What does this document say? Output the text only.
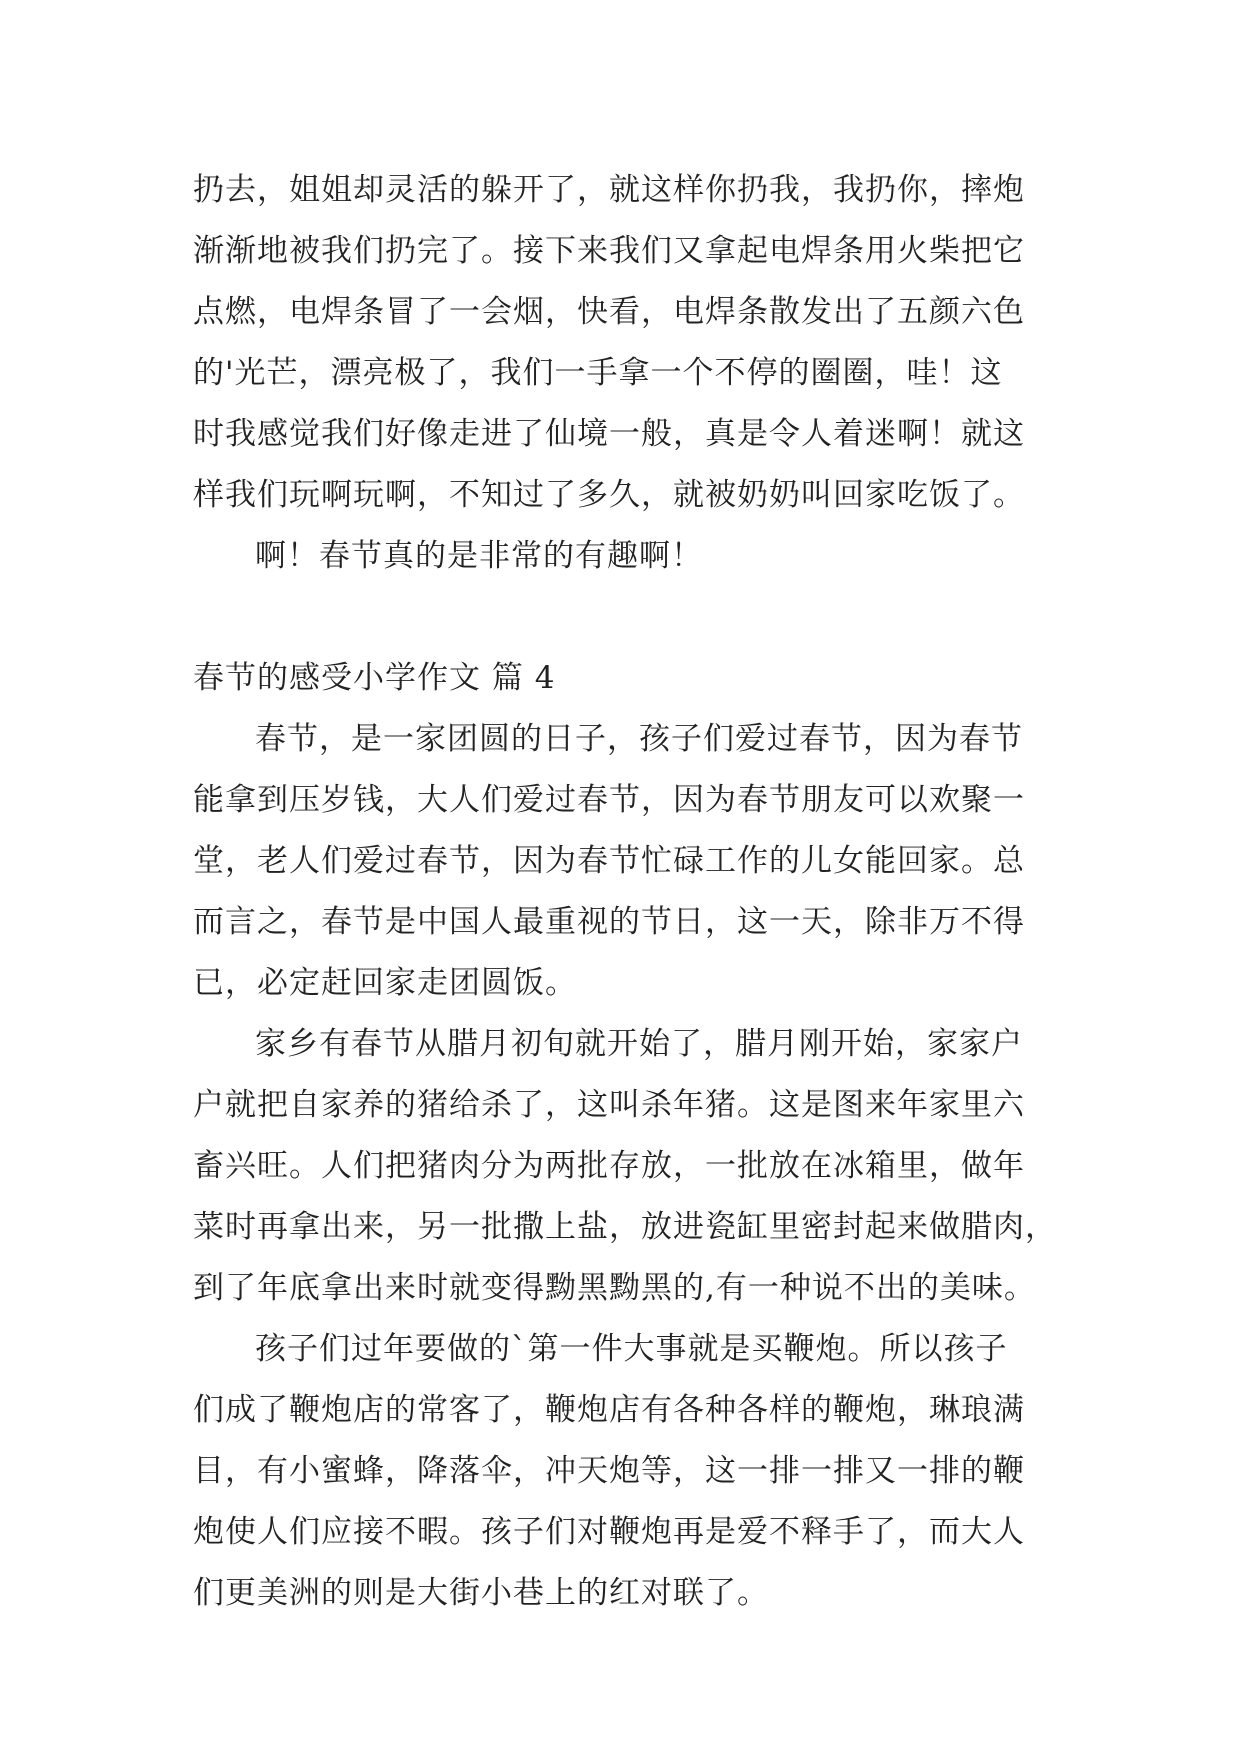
扔去，姐姐却灵活的躲开了，就这样你扔我，我扔你，摔炮
渐渐地被我们扔完了。接下来我们又拿起电焊条用火柴把它
点燃，电焊条冒了一会烟，快看，电焊条散发出了五颜六色
的'光芒，漂亮极了，我们一手拿一个不停的圈圈，哇！这
时我感觉我们好像走进了仙境一般，真是令人着迷啊！就这
样我们玩啊玩啊，不知过了多久，就被奶奶叫回家吃饭了。
啊！春节真的是非常的有趣啊！
春节的感受小学作文 篇 4
春节，是一家团圆的日子，孩子们爱过春节，因为春节
能拿到压岁钱，大人们爱过春节，因为春节朋友可以欢聚一
堂，老人们爱过春节，因为春节忙碌工作的儿女能回家。总
而言之，春节是中国人最重视的节日，这一天，除非万不得
已，必定赶回家走团圆饭。
家乡有春节从腊月初旬就开始了，腊月刚开始，家家户
户就把自家养的猪给杀了，这叫杀年猪。这是图来年家里六
畜兴旺。人们把猪肉分为两批存放，一批放在冰箱里，做年
菜时再拿出来，另一批撒上盐，放进瓷缸里密封起来做腊肉，
到了年底拿出来时就变得黝黑黝黑的,有一种说不出的美味。
孩子们过年要做的`第一件大事就是买鞭炮。所以孩子
们成了鞭炮店的常客了，鞭炮店有各种各样的鞭炮，琳琅满
目，有小蜜蜂，降落伞，冲天炮等，这一排一排又一排的鞭
炮使人们应接不暇。孩子们对鞭炮再是爱不释手了，而大人
们更美洲的则是大街小巷上的红对联了。
